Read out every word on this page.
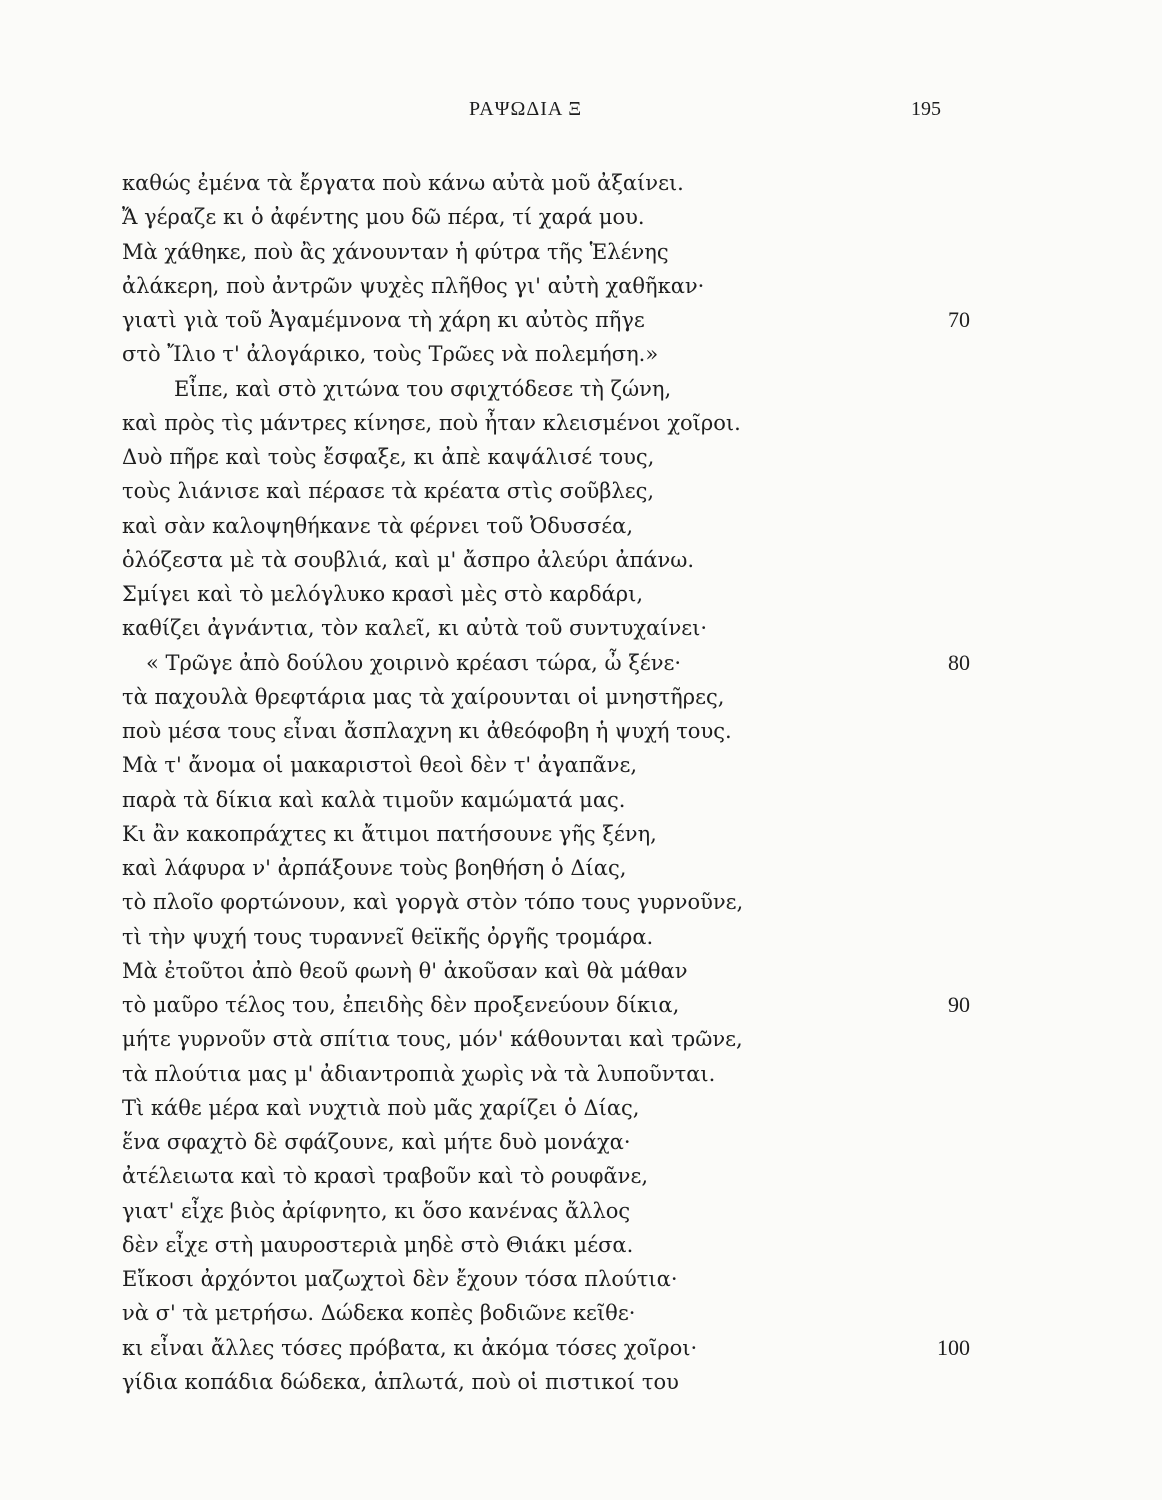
ΡΑΨΩΔΙΑ Ξ	195
καθώς ἐμένα τὰ ἔργατα ποὺ κάνω αὐτὰ μοῦ ἀξαίνει.
Ἄ γέραζε κι ὁ ἀφέντης μου δῶ πέρα, τί χαρά μου.
Μὰ χάθηκε, ποὺ ἂς χάνουνταν ἡ φύτρα τῆς Ἑλένης
ἀλάκερη, ποὺ ἀντρῶν ψυχὲς πλῆθος γι' αὐτὴ χαθῆκαν·
γιατὶ γιὰ τοῦ Ἀγαμέμνονα τὴ χάρη κι αὐτὸς πῆγε
στὸ Ἴλιο τ' ἀλογάρικο, τοὺς Τρῶες νὰ πολεμήση.»
Εἶπε, καὶ στὸ χιτώνα του σφιχτόδεσε τὴ ζώνη,
καὶ πρὸς τὶς μάντρες κίνησε, ποὺ ἦταν κλεισμένοι χοῖροι.
Δυὸ πῆρε καὶ τοὺς ἔσφαξε, κι ἀπὲ καψάλισέ τους,
τοὺς λιάνισε καὶ πέρασε τὰ κρέατα στὶς σοῦβλες,
καὶ σὰν καλοψηθήκανε τὰ φέρνει τοῦ Ὀδυσσέα,
ὁλόζεστα μὲ τὰ σουβλιά, καὶ μ' ἄσπρο ἀλεύρι ἀπάνω.
Σμίγει καὶ τὸ μελόγλυκο κρασὶ μὲς στὸ καρδάρι,
καθίζει ἀγνάντια, τὸν καλεῖ, κι αὐτὰ τοῦ συντυχαίνει·
« Τρῶγε ἀπὸ δούλου χοιρινὸ κρέασι τώρα, ὦ ξένε·
τὰ παχουλὰ θρεφτάρια μας τὰ χαίρουνται οἱ μνηστῆρες,
ποὺ μέσα τους εἶναι ἄσπλαχνη κι ἀθεόφοβη ἡ ψυχή τους.
Μὰ τ' ἄνομα οἱ μακαριστοὶ θεοὶ δὲν τ' ἀγαπᾶνε,
παρὰ τὰ δίκια καὶ καλὰ τιμοῦν καμώματά μας.
Κι ἂν κακοπράχτες κι ἄτιμοι πατήσουνε γῆς ξένη,
καὶ λάφυρα ν' ἀρπάξουνε τοὺς βοηθήση ὁ Δίας,
τὸ πλοῖο φορτώνουν, καὶ γοργὰ στὸν τόπο τους γυρνοῦνε,
τὶ τὴν ψυχή τους τυραννεῖ θεϊκῆς ὀργῆς τρομάρα.
Μὰ ἐτοῦτοι ἀπὸ θεοῦ φωνὴ θ' ἀκοῦσαν καὶ θὰ μάθαν
τὸ μαῦρο τέλος του, ἐπειδὴς δὲν προξενεύουν δίκια,
μήτε γυρνοῦν στὰ σπίτια τους, μόν' κάθουνται καὶ τρῶνε,
τὰ πλούτια μας μ' ἀδιαντροπιὰ χωρὶς νὰ τὰ λυποῦνται.
Τὶ κάθε μέρα καὶ νυχτιὰ ποὺ μᾶς χαρίζει ὁ Δίας,
ἕνα σφαχτὸ δὲ σφάζουνε, καὶ μήτε δυὸ μονάχα·
ἀτέλειωτα καὶ τὸ κρασὶ τραβοῦν καὶ τὸ ρουφᾶνε,
γιατ' εἶχε βιὸς ἀρίφνητο, κι ὅσο κανένας ἄλλος
δὲν εἶχε στὴ μαυροστεριὰ μηδὲ στὸ Θιάκι μέσα.
Εἴκοσι ἀρχόντοι μαζωχτοὶ δὲν ἔχουν τόσα πλούτια·
νὰ σ' τὰ μετρήσω. Δώδεκα κοπὲς βοδιῶνε κεῖθε·
κι εἶναι ἄλλες τόσες πρόβατα, κι ἀκόμα τόσες χοῖροι·
γίδια κοπάδια δώδεκα, ἁπλωτά, ποὺ οἱ πιστικοί του
70
80
90
100
